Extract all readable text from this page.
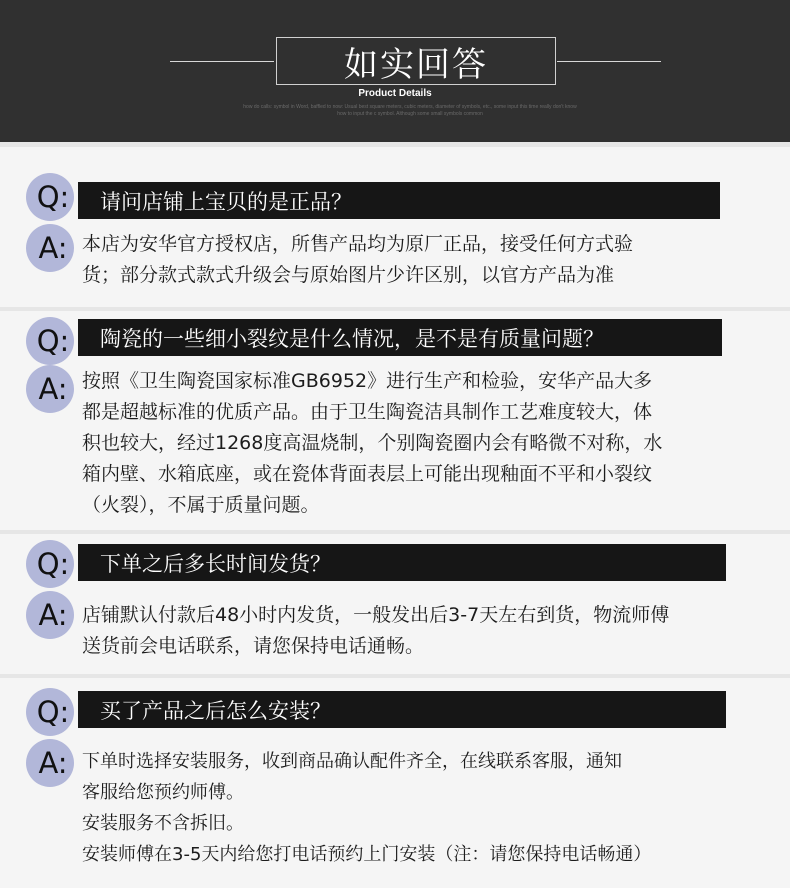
如实回答
Product Details
how do calls: symbol in Word, baffled to now: Usual best square meters, cubic meters, diameter of symbols, etc., some input this time really don't know
how to input the c symbol. Although some small symbols common
Q:	请问店铺上宝贝的是正品？
A: 本店为安华官方授权店，所售产品均为原厂正品，接受任何方式验
货；部分款式款式升级会与原始图片少许区别，以官方产品为准
Q:	陶瓷的一些细小裂纹是什么情况，是不是有质量问题？
A: 按照《卫生陶瓷国家标准GB6952》进行生产和检验，安华产品大多
都是超越标准的优质产品。由于卫生陶瓷洁具制作工艺难度较大，体
积也较大，经过1268度高温烧制，个别陶瓷圈内会有略微不对称，水
箱内壁、水箱底座，或在瓷体背面表层上可能出现釉面不平和小裂纹
（火裂），不属于质量问题。
Q:	下单之后多长时间发货？
A: 店铺默认付款后48小时内发货，一般发出后3-7天左右到货，物流师傅
送货前会电话联系，请您保持电话通畅。
Q:	买了产品之后怎么安装？
A: 下单时选择安装服务，收到商品确认配件齐全，在线联系客服，通知
客服给您预约师傅。
安装服务不含拆旧。
安装师傅在3-5天内给您打电话预约上门安装（注：请您保持电话畅通）
